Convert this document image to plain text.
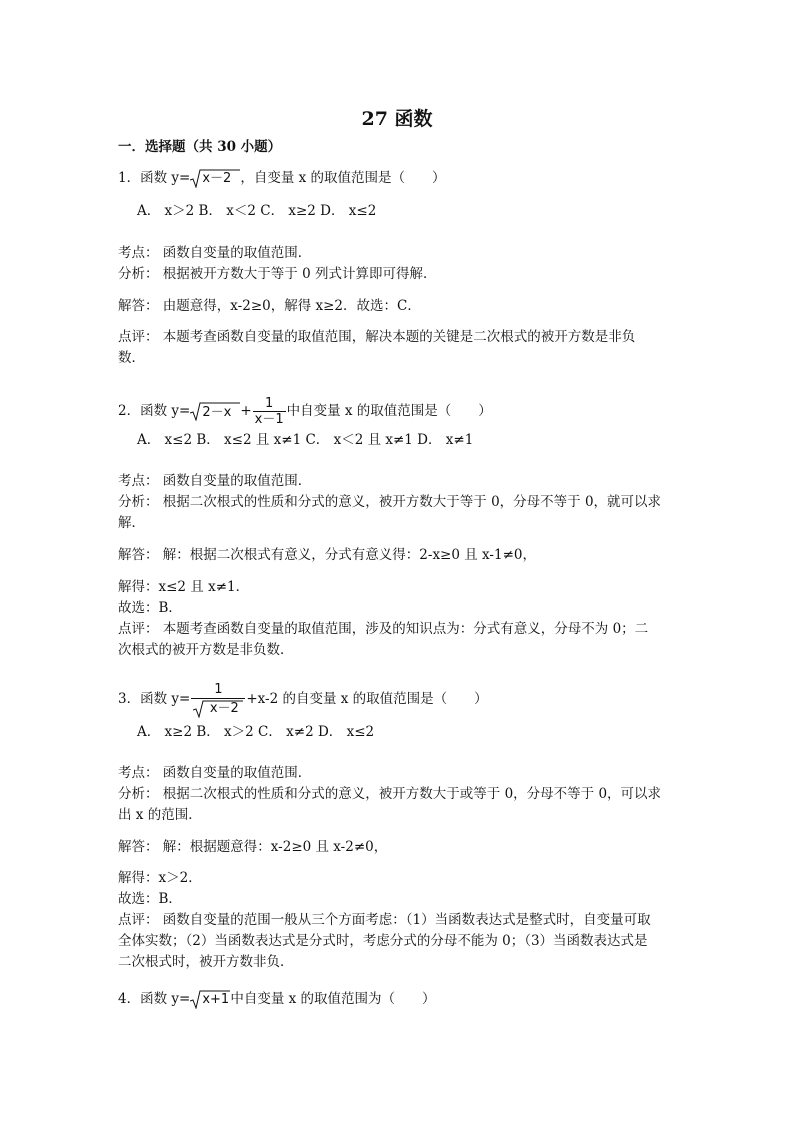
27 函数
一．选择题（共 30 小题）
1．函数 y= x－2 ，自变量 x 的取值范围是（　　）
A． x＞2 B． x＜2 C． x≥2 D． x≤2
考点： 函数自变量的取值范围．
分析： 根据被开方数大于等于 0 列式计算即可得解．
解答： 由题意得，x-2≥0，解得 x≥2．故选：C．
点评： 本题考查函数自变量的取值范围，解决本题的关键是二次根式的被开方数是非负
数．
2．函数 $y= 2-x + \frac{1}{x-1}$ 中自变量 x 的取值范围是（　　）
A． x≤2 B． x≤2 且 x≠1 C． x＜2 且 x≠1 D． x≠1
考点： 函数自变量的取值范围．
分析： 根据二次根式的性质和分式的意义，被开方数大于等于 0，分母不等于 0，就可以求
解．
解答： 解：根据二次根式有意义，分式有意义得：2-x≥0 且 x-1≠0，
解得：x≤2 且 x≠1．
故选：B．
点评： 本题考查函数自变量的取值范围，涉及的知识点为：分式有意义，分母不为 0；二
次根式的被开方数是非负数．
3．函数 $y= \frac{1}{x-2} +x-2$ 的自变量 x 的取值范围是（　　）
A． x≥2 B． x＞2 C． x≠2 D． x≤2
考点： 函数自变量的取值范围．
分析： 根据二次根式的性质和分式的意义，被开方数大于或等于 0，分母不等于 0，可以求
出 x 的范围．
解答： 解：根据题意得：x-2≥0 且 x-2≠0，
解得：x＞2．
故选：B．
点评： 函数自变量的范围一般从三个方面考虑：（1）当函数表达式是整式时，自变量可取
全体实数；（2）当函数表达式是分式时，考虑分式的分母不能为 0；（3）当函数表达式是
二次根式时，被开方数非负．
4．函数 y= x+1中自变量 x 的取值范围为（　　）
